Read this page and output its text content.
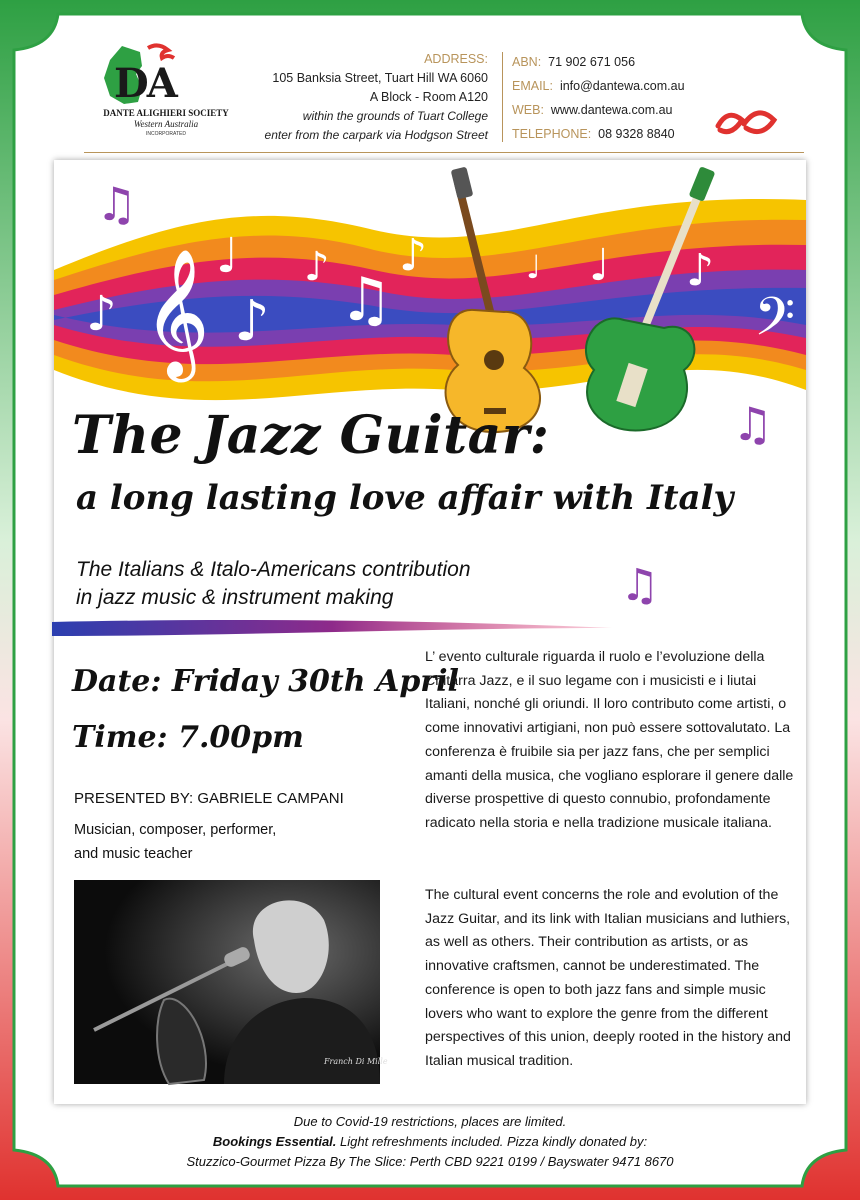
DA
DANTE ALIGHIERI SOCIETY
Western Australia
INCORPORATED
ADDRESS:
105 Banksia Street, Tuart Hill WA 6060
A Block - Room A120
within the grounds of Tuart College
enter from the carpark via Hodgson Street
ABN: 71 902 671 056
EMAIL: info@dantewa.com.au
WEB: www.dantewa.com.au
TELEPHONE: 08 9328 8840
𝄞
♪
♩ ♪
♪ ♫
♪	♩ ♩ ♪
𝄢
♫
♫
♫
The Jazz Guitar:
a long lasting love affair with Italy
The Italians & Italo-Americans contribution
in jazz music & instrument making
Date: Friday 30th April
Time: 7.00pm
PRESENTED BY: GABRIELE CAMPANI
Musician, composer, performer,
and music teacher
Franch Di Mille
L’ evento culturale riguarda il ruolo e l’evoluzione della Chitarra Jazz, e il suo legame con i musicisti e i liutai Italiani, nonché gli oriundi. Il loro contributo come artisti, o come innovativi artigiani, non può essere sottovalutato. La conferenza è fruibile sia per jazz fans, che per semplici amanti della musica, che vogliano esplorare il genere dalle diverse prospettive di questo connubio, profondamente radicato nella storia e nella tradizione musicale italiana.
The cultural event concerns the role and evolution of the Jazz Guitar, and its link with Italian musicians and luthiers, as well as others. Their contribution as artists, or as innovative craftsmen, cannot be underestimated. The conference is open to both jazz fans and simple music lovers who want to explore the genre from the different perspectives of this union, deeply rooted in the history and Italian musical tradition.
Due to Covid-19 restrictions, places are limited.
Bookings Essential. Light refreshments included. Pizza kindly donated by:
Stuzzico-Gourmet Pizza By The Slice: Perth CBD 9221 0199 / Bayswater 9471 8670
